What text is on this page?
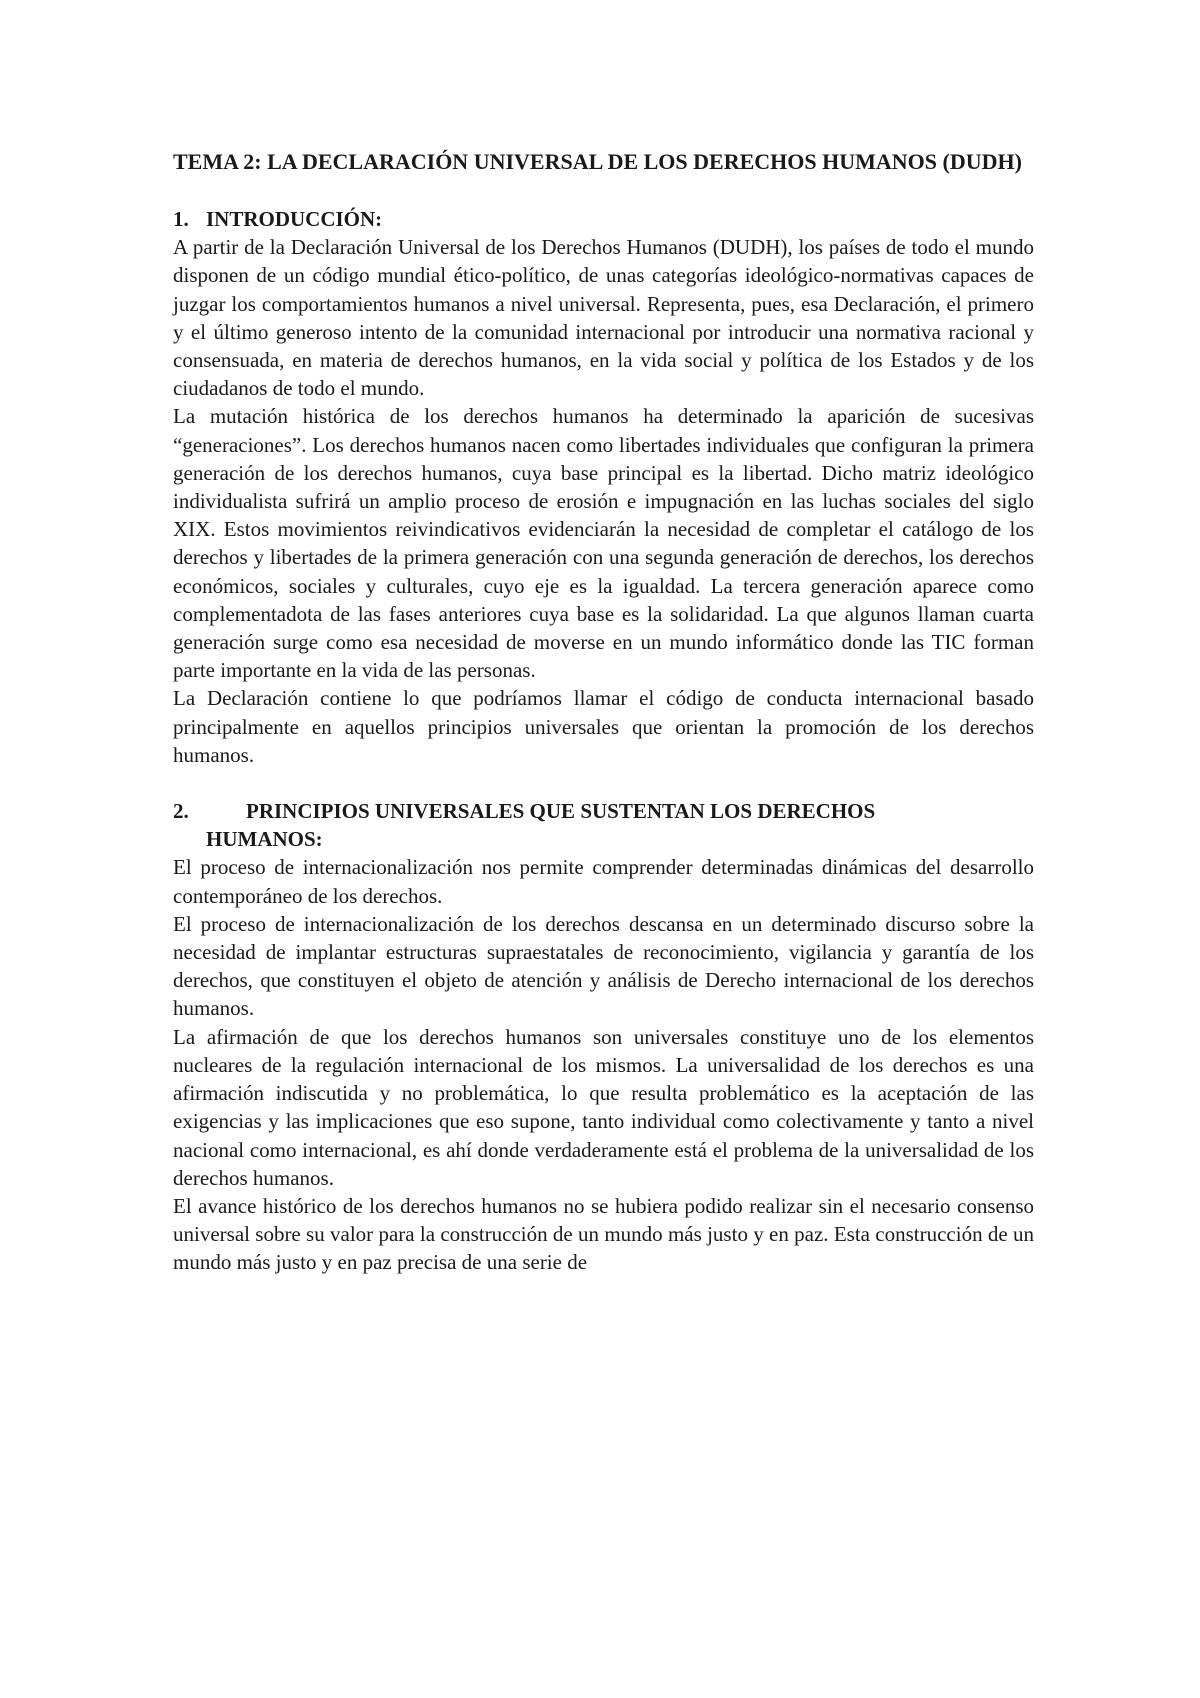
TEMA 2: LA DECLARACIÓN UNIVERSAL DE LOS DERECHOS HUMANOS (DUDH)
1. INTRODUCCIÓN:

A partir de la Declaración Universal de los Derechos Humanos (DUDH), los países de todo el mundo disponen de un código mundial ético-político, de unas categorías ideológico-normativas capaces de juzgar los comportamientos humanos a nivel universal. Representa, pues, esa Declaración, el primero y el último generoso intento de la comunidad internacional por introducir una normativa racional y consensuada, en materia de derechos humanos, en la vida social y política de los Estados y de los ciudadanos de todo el mundo.

La mutación histórica de los derechos humanos ha determinado la aparición de sucesivas “generaciones”. Los derechos humanos nacen como libertades individuales que configuran la primera generación de los derechos humanos, cuya base principal es la libertad. Dicho matriz ideológico individualista sufrirá un amplio proceso de erosión e impugnación en las luchas sociales del siglo XIX. Estos movimientos reivindicativos evidenciarán la necesidad de completar el catálogo de los derechos y libertades de la primera generación con una segunda generación de derechos, los derechos económicos, sociales y culturales, cuyo eje es la igualdad. La tercera generación aparece como complementadota de las fases anteriores cuya base es la solidaridad. La que algunos llaman cuarta generación surge como esa necesidad de moverse en un mundo informático donde las TIC forman parte importante en la vida de las personas.

La Declaración contiene lo que podríamos llamar el código de conducta internacional basado principalmente en aquellos principios universales que orientan la promoción de los derechos humanos.

2.	PRINCIPIOS UNIVERSALES QUE SUSTENTAN LOS DERECHOS
HUMANOS:

El proceso de internacionalización nos permite comprender determinadas dinámicas del desarrollo contemporáneo de los derechos.

El proceso de internacionalización de los derechos descansa en un determinado discurso sobre la necesidad de implantar estructuras supraestatales de reconocimiento, vigilancia y garantía de los derechos, que constituyen el objeto de atención y análisis de Derecho internacional de los derechos humanos.

La afirmación de que los derechos humanos son universales constituye uno de los elementos nucleares de la regulación internacional de los mismos. La universalidad de los derechos es una afirmación indiscutida y no problemática, lo que resulta problemático es la aceptación de las exigencias y las implicaciones que eso supone, tanto individual como colectivamente y tanto a nivel nacional como internacional, es ahí donde verdaderamente está el problema de la universalidad de los derechos humanos.

El avance histórico de los derechos humanos no se hubiera podido realizar sin el necesario consenso universal sobre su valor para la construcción de un mundo más justo y en paz. Esta construcción de un mundo más justo y en paz precisa de una serie de
